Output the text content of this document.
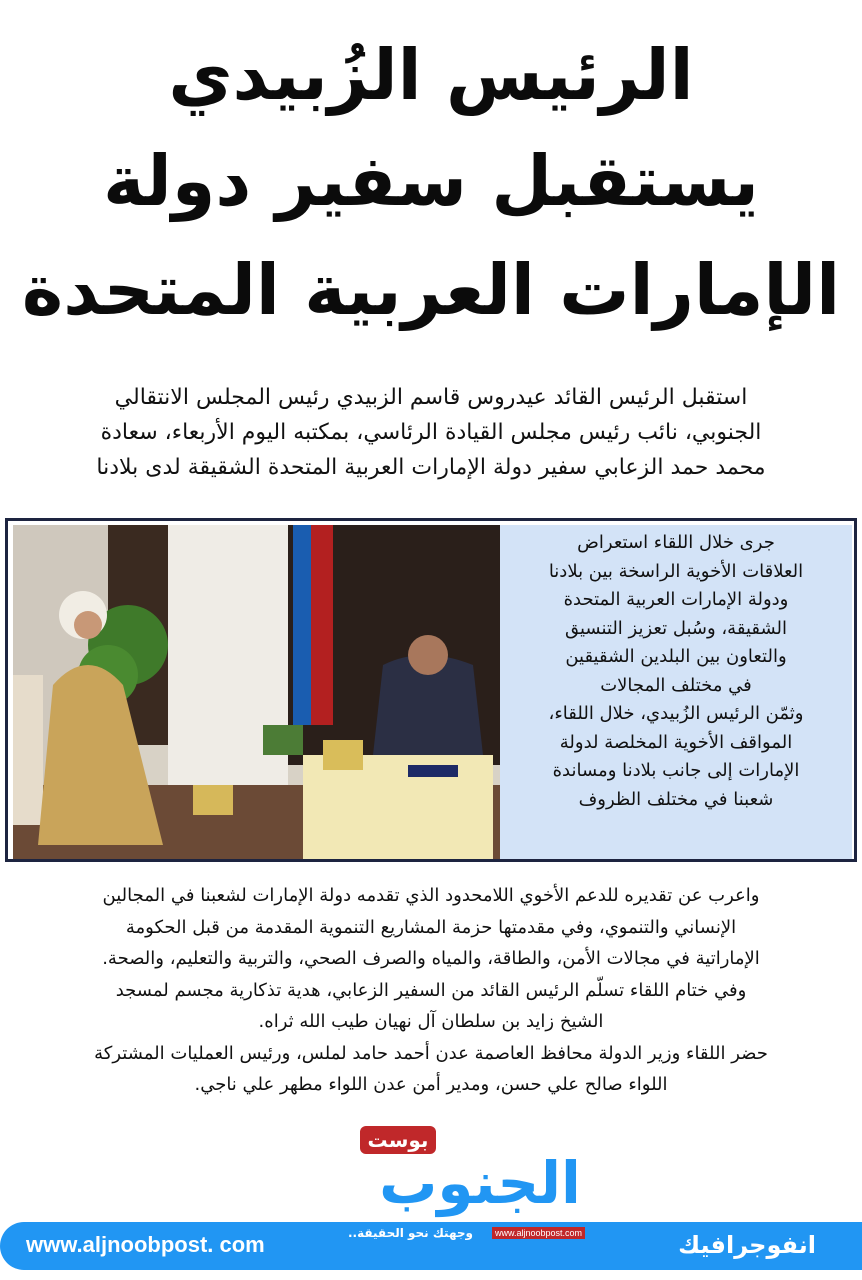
الرئيس الزُبيدي
يستقبل سفير دولة
الإمارات العربية المتحدة
استقبل الرئيس القائد عيدروس قاسم الزبيدي رئيس المجلس الانتقالي
الجنوبي، نائب رئيس مجلس القيادة الرئاسي، بمكتبه اليوم الأربعاء، سعادة
محمد حمد الزعابي سفير دولة الإمارات العربية المتحدة الشقيقة لدى بلادنا
جرى خلال اللقاء استعراض
العلاقات الأخوية الراسخة بين بلادنا
ودولة الإمارات العربية المتحدة
الشقيقة، وسُبل تعزيز التنسيق
والتعاون بين البلدين الشقيقين
في مختلف المجالات
وثمّن الرئيس الزُبيدي، خلال اللقاء،
المواقف الأخوية المخلصة لدولة
الإمارات إلى جانب بلادنا ومساندة
شعبنا في مختلف الظروف
واعرب عن تقديره للدعم الأخوي اللامحدود الذي تقدمه دولة الإمارات لشعبنا في المجالين
الإنساني والتنموي، وفي مقدمتها حزمة المشاريع التنموية المقدمة من قبل الحكومة
الإماراتية في مجالات الأمن، والطاقة، والمياه والصرف الصحي، والتربية والتعليم، والصحة.
وفي ختام اللقاء تسلّم الرئيس القائد من السفير الزعابي، هدية تذكارية مجسم لمسجد
الشيخ زايد بن سلطان آل نهيان طيب الله ثراه.
حضر اللقاء وزير الدولة محافظ العاصمة عدن أحمد حامد لملس، ورئيس العمليات المشتركة
اللواء صالح علي حسن، ومدير أمن عدن اللواء مطهر علي ناجي.
بوست
الجنوب
www.aljnoobpost. com	www.aljnoobpost.com
وجهتك نحو الحقيقة..	انفوجرافيك
